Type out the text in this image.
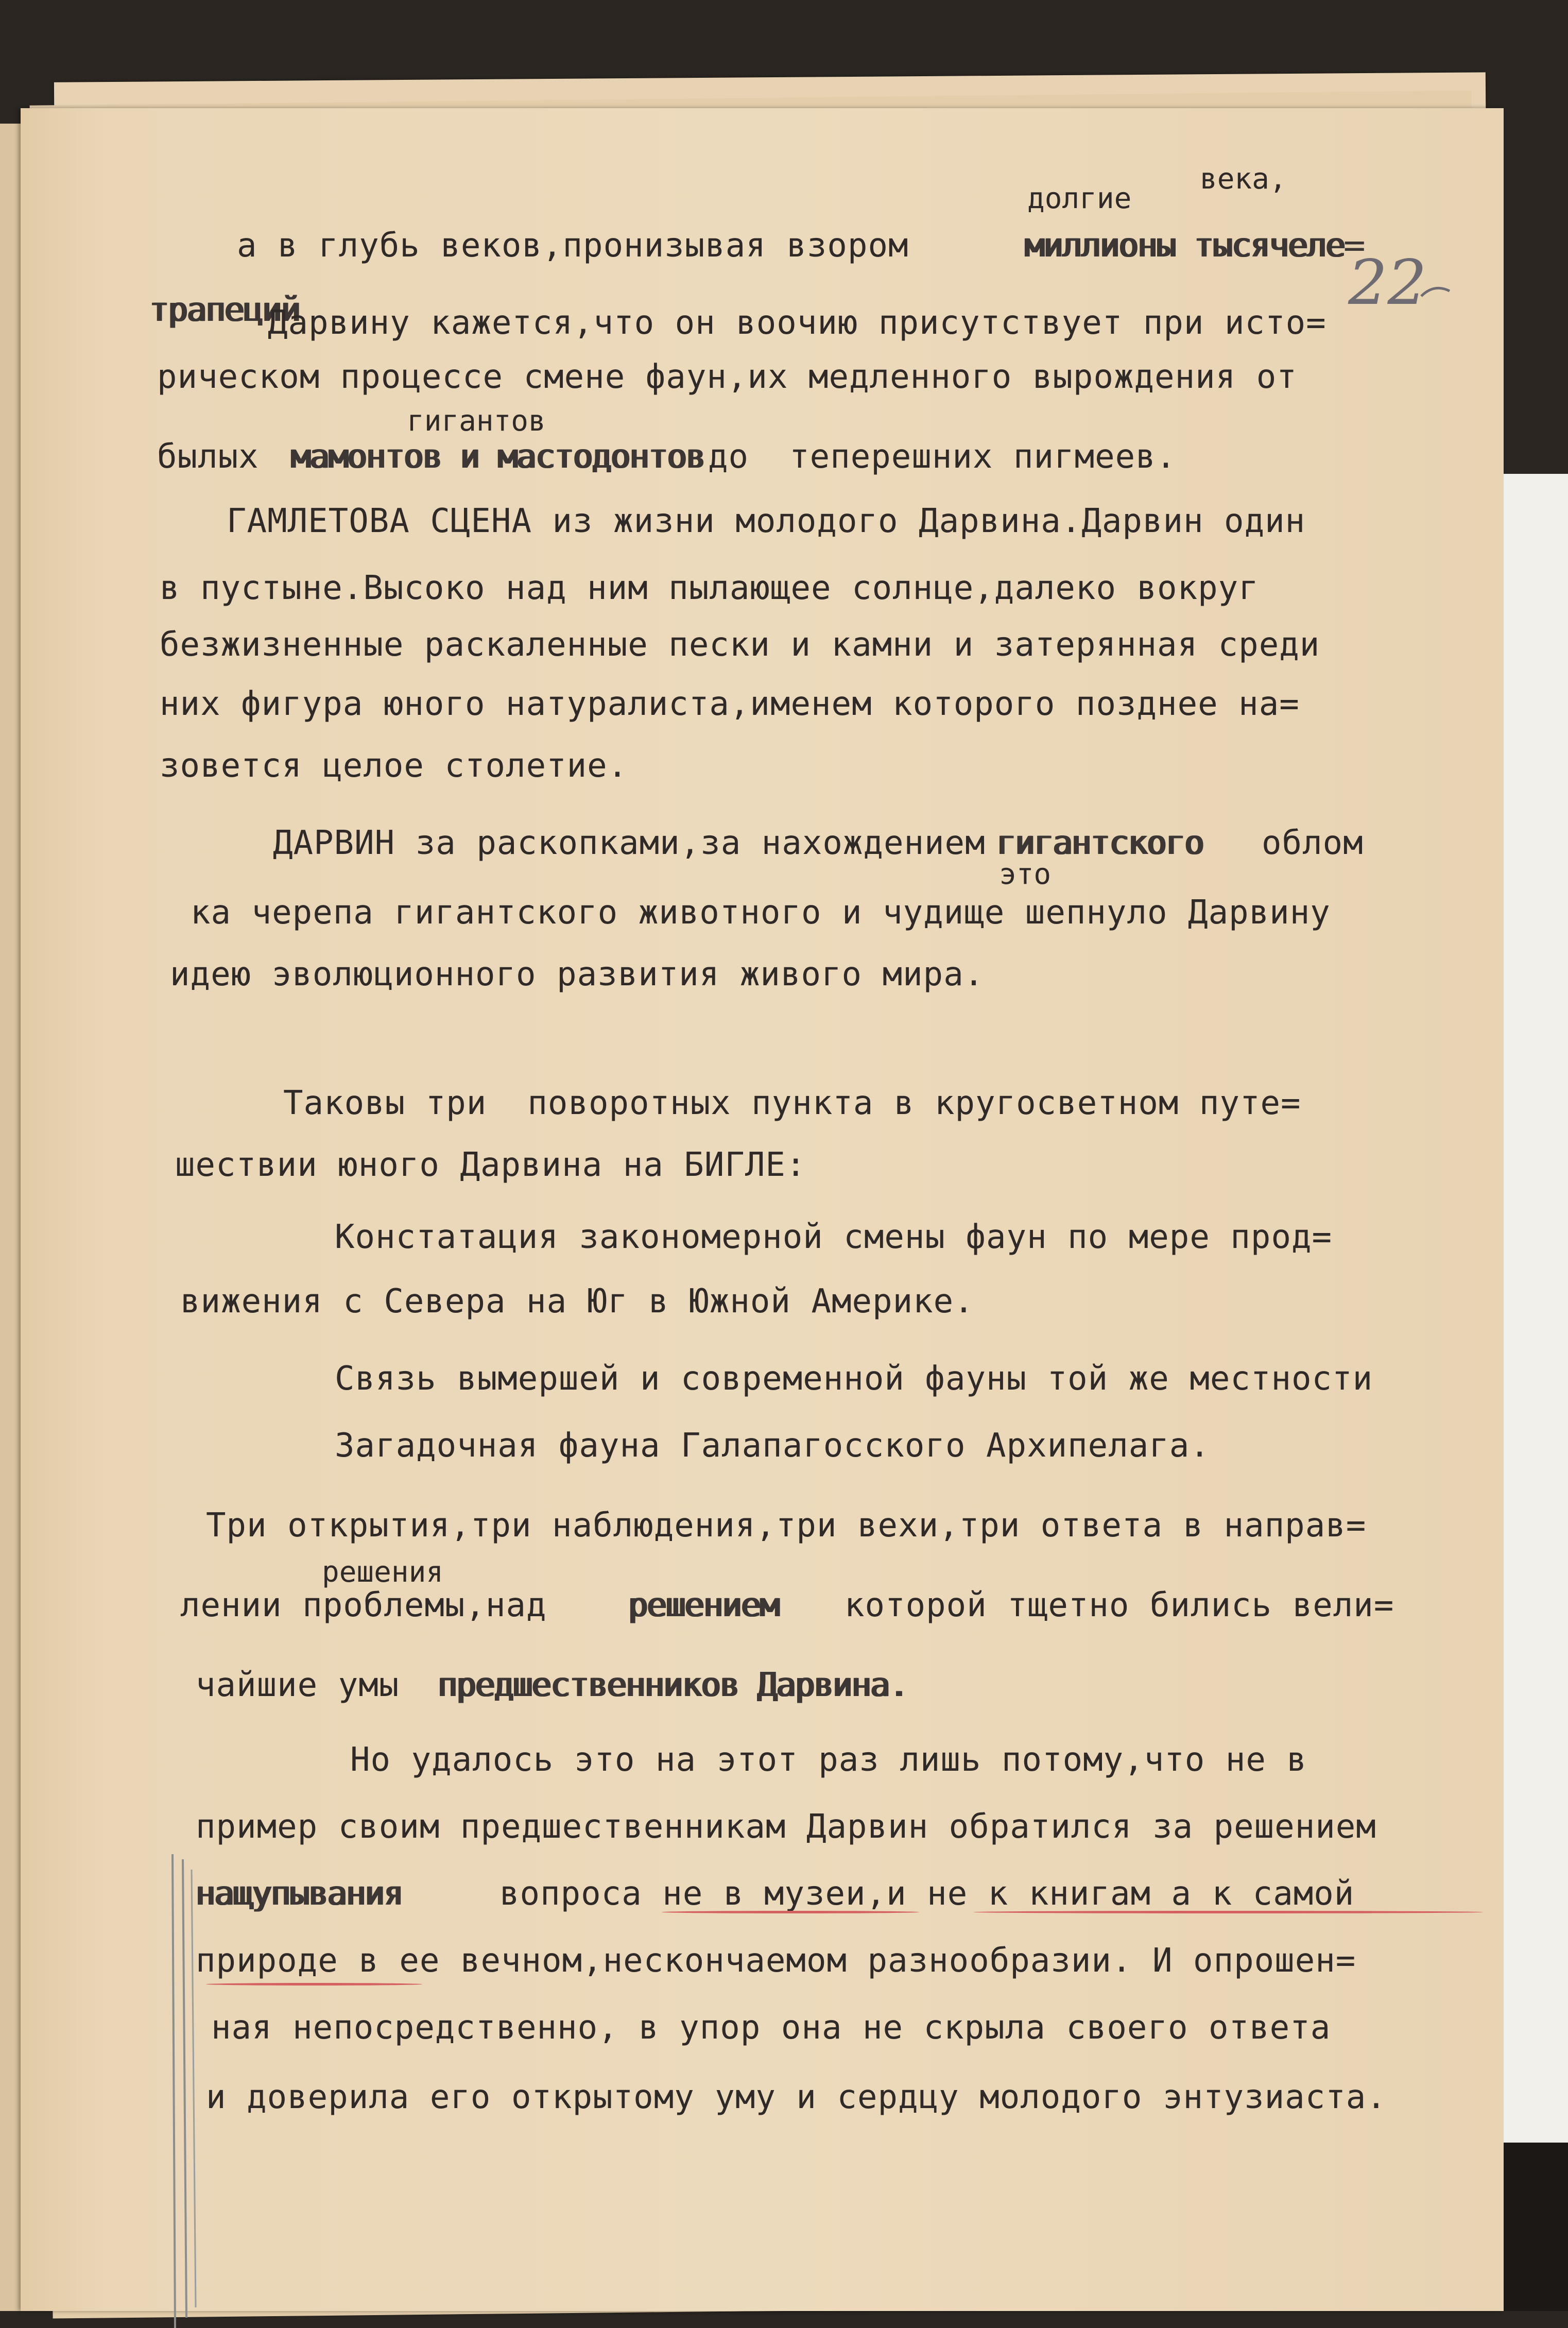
22
долгие
века,
а в глубь веков,пронизывая взором	миллионы тысячеле=
трапеций
Дарвину кажется,что он воочию присутствует при исто=
рическом процессе смене фаун,их медленного вырождения от
гигантов
былых мамонтов и мастодонтов до  теперешних пигмеев.
ГАМЛЕТОВА СЦЕНА из жизни молодого Дарвина.Дарвин один
в пустыне.Высоко над ним пылающее солнце,далеко вокруг
безжизненные раскаленные пески и камни и затерянная среди
них фигура юного натуралиста,именем которого позднее на=
зовется целое столетие.
ДАРВИН за раскопками,за нахождением гигантского облом
это
ка черепа гигантского животного и чудище шепнуло Дарвину
идею эволюционного развития живого мира.
Таковы три  поворотных пункта в кругосветном путе=
шествии юного Дарвина на БИГЛЕ:
Констатация закономерной смены фаун по мере прод=
вижения с Севера на Юг в Южной Америке.
Связь вымершей и современной фауны той же местности
Загадочная фауна Галапагосского Архипелага.
Три открытия,три наблюдения,три вехи,три ответа в направ=
решения
лении проблемы,над решением которой тщетно бились вели=
чайшие умы предшественников Дарвина.
Но удалось это на этот раз лишь потому,что не в
пример своим предшественникам Дарвин обратился за решением
нащупывания	вопроса не в музеи,и не к книгам а к самой
природе в ее вечном,нескончаемом разнообразии. И опрошен=
ная непосредственно, в упор она не скрыла своего ответа
и доверила его открытому уму и сердцу молодого энтузиаста.
